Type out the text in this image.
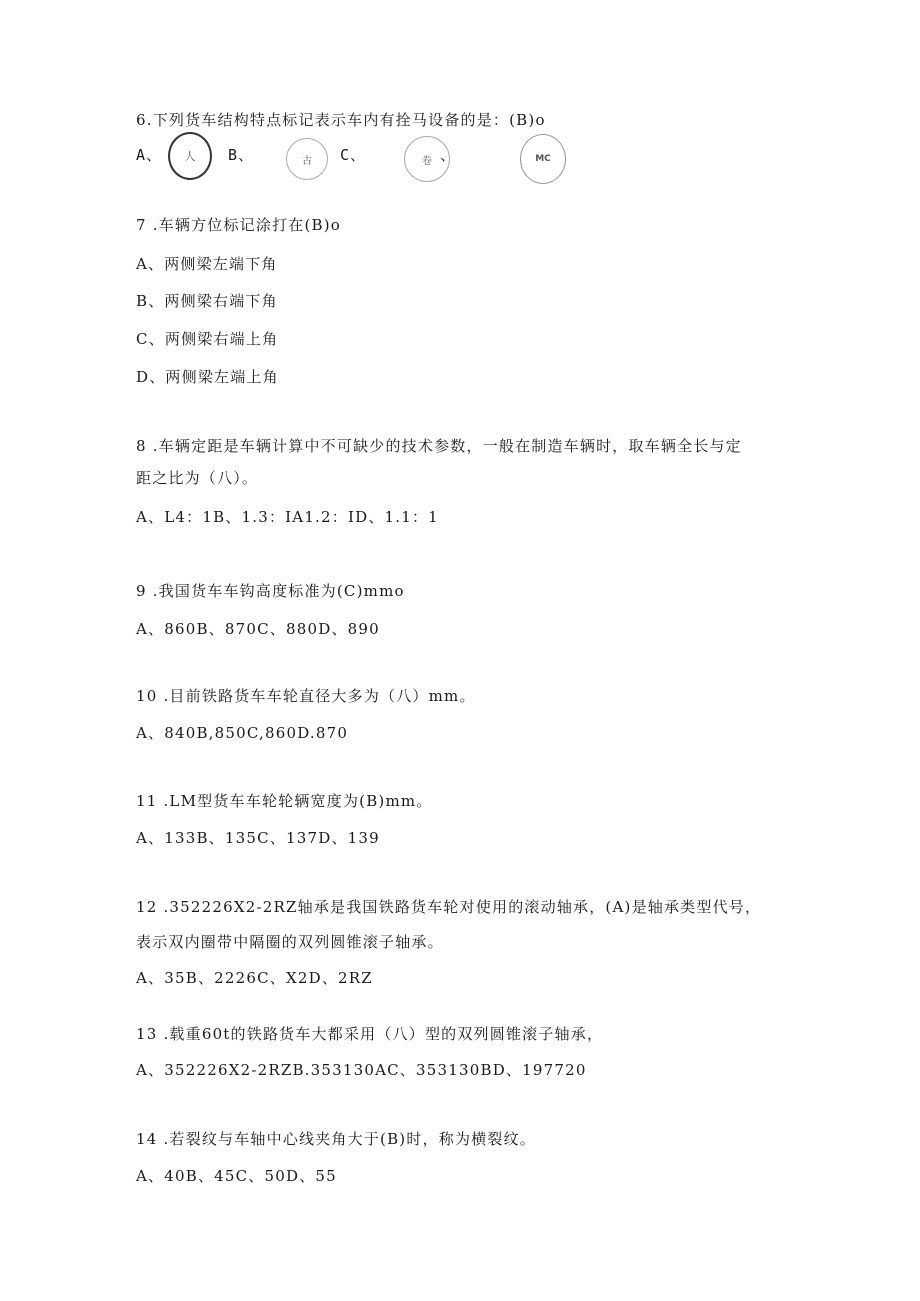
6.下列货车结构特点标记表示车内有拴马设备的是：(B)o
A、 人 B、	古 C、	卷 、	MC
7 .车辆方位标记涂打在(B)o
A、两侧梁左端下角
B、两侧梁右端下角
C、两侧梁右端上角
D、两侧梁左端上角
8 .车辆定距是车辆计算中不可缺少的技术参数，一般在制造车辆时，取车辆全长与定
距之比为（八）。
A、L4：1B、1.3：IA1.2：ID、1.1：1
9 .我国货车车钩高度标准为(C)mmo
A、860B、870C、880D、890
10 .目前铁路货车车轮直径大多为（八）mm。
A、840B,850C,860D.870
11 .LM型货车车轮轮辆宽度为(B)mm。
A、133B、135C、137D、139
12 .352226X2-2RZ轴承是我国铁路货车轮对使用的滚动轴承，(A)是轴承类型代号，
表示双内圈带中隔圈的双列圆锥滚子轴承。
A、35B、2226C、X2D、2RZ
13 .载重60t的铁路货车大都采用（八）型的双列圆锥滚子轴承，
A、352226X2-2RZB.353130AC、353130BD、197720
14 .若裂纹与车轴中心线夹角大于(B)时，称为横裂纹。
A、40B、45C、50D、55
